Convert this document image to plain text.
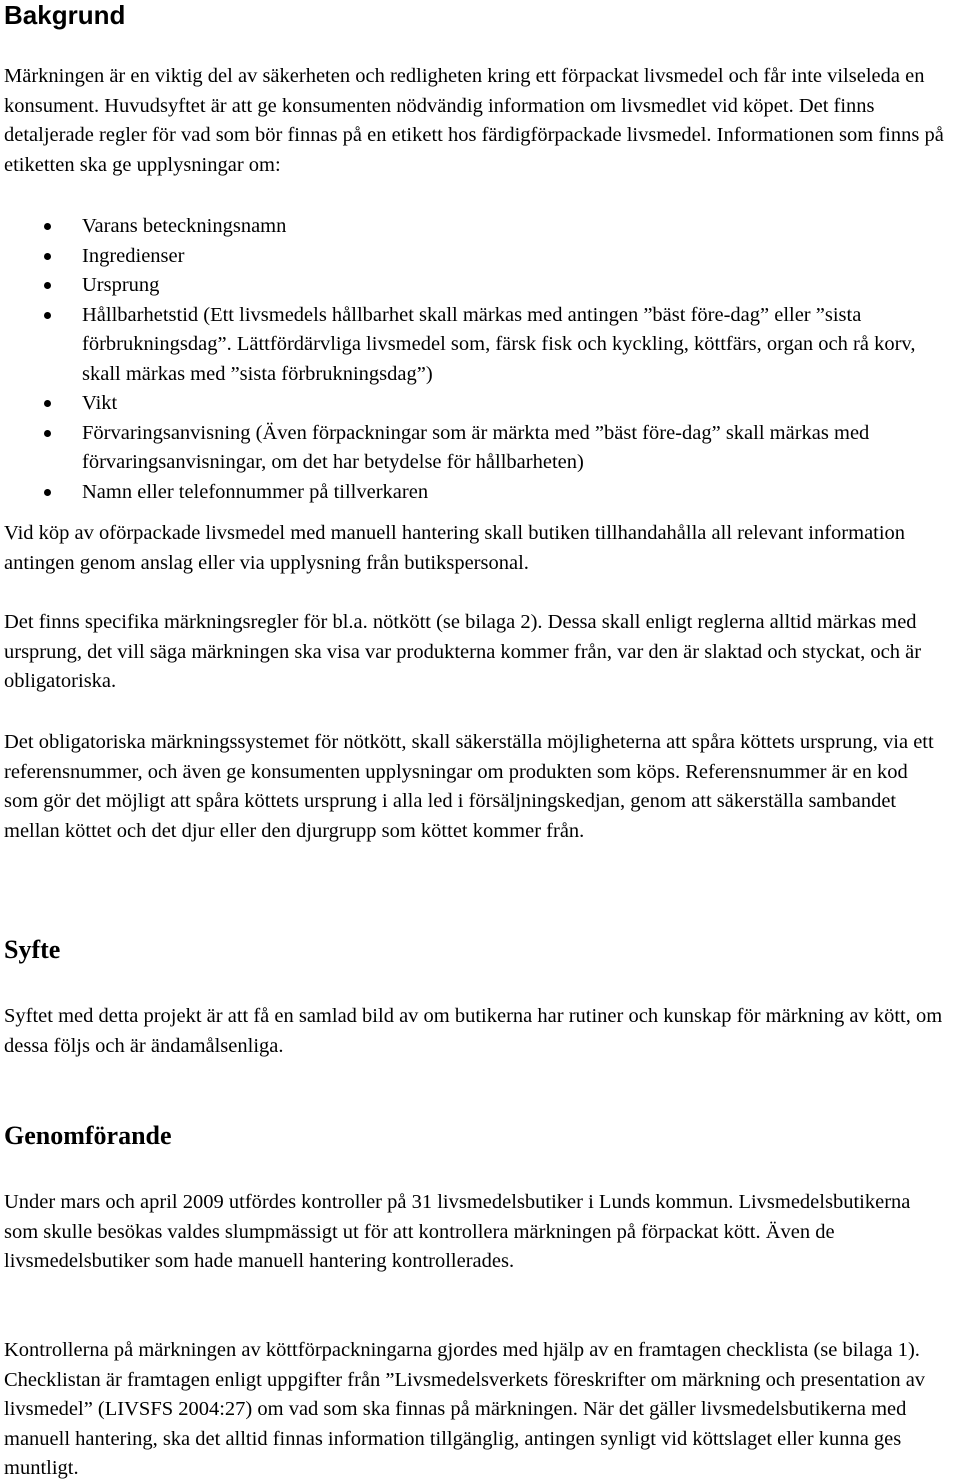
Bakgrund

Märkningen är en viktig del av säkerheten och redligheten kring ett förpackat livsmedel och får inte vilseleda en konsument. Huvudsyftet är att ge konsumenten nödvändig information om livsmedlet vid köpet. Det finns detaljerade regler för vad som bör finnas på en etikett hos färdigförpackade livsmedel. Informationen som finns på etiketten ska ge upplysningar om:

Varans beteckningsnamn
Ingredienser
Ursprung
Hållbarhetstid (Ett livsmedels hållbarhet skall märkas med antingen ”bäst före-dag” eller ”sista förbrukningsdag”. Lättfördärvliga livsmedel som, färsk fisk och kyckling, köttfärs, organ och rå korv, skall märkas med ”sista förbrukningsdag”)
Vikt
Förvaringsanvisning (Även förpackningar som är märkta med ”bäst före-dag” skall märkas med förvaringsanvisningar, om det har betydelse för hållbarheten)
Namn eller telefonnummer på tillverkaren

Vid köp av oförpackade livsmedel med manuell hantering skall butiken tillhandahålla all relevant information antingen genom anslag eller via upplysning från butikspersonal.

Det finns specifika märkningsregler för bl.a. nötkött (se bilaga 2). Dessa skall enligt reglerna alltid märkas med ursprung, det vill säga märkningen ska visa var produkterna kommer från, var den är slaktad och styckat, och är obligatoriska.

Det obligatoriska märkningssystemet för nötkött, skall säkerställa möjligheterna att spåra köttets ursprung, via ett referensnummer, och även ge konsumenten upplysningar om produkten som köps. Referensnummer är en kod som gör det möjligt att spåra köttets ursprung i alla led i försäljningskedjan, genom att säkerställa sambandet mellan köttet och det djur eller den djurgrupp som köttet kommer från.

Syfte

Syftet med detta projekt är att få en samlad bild av om butikerna har rutiner och kunskap för märkning av kött, om dessa följs och är ändamålsenliga.

Genomförande

Under mars och april 2009 utfördes kontroller på 31 livsmedelsbutiker i Lunds kommun. Livsmedelsbutikerna som skulle besökas valdes slumpmässigt ut för att kontrollera märkningen på förpackat kött. Även de livsmedelsbutiker som hade manuell hantering kontrollerades.

Kontrollerna på märkningen av köttförpackningarna gjordes med hjälp av en framtagen checklista (se bilaga 1). Checklistan är framtagen enligt uppgifter från ”Livsmedelsverkets föreskrifter om märkning och presentation av livsmedel” (LIVSFS 2004:27) om vad som ska finnas på märkningen. När det gäller livsmedelsbutikerna med manuell hantering, ska det alltid finnas information tillgänglig, antingen synligt vid köttslaget eller kunna ges muntligt.
